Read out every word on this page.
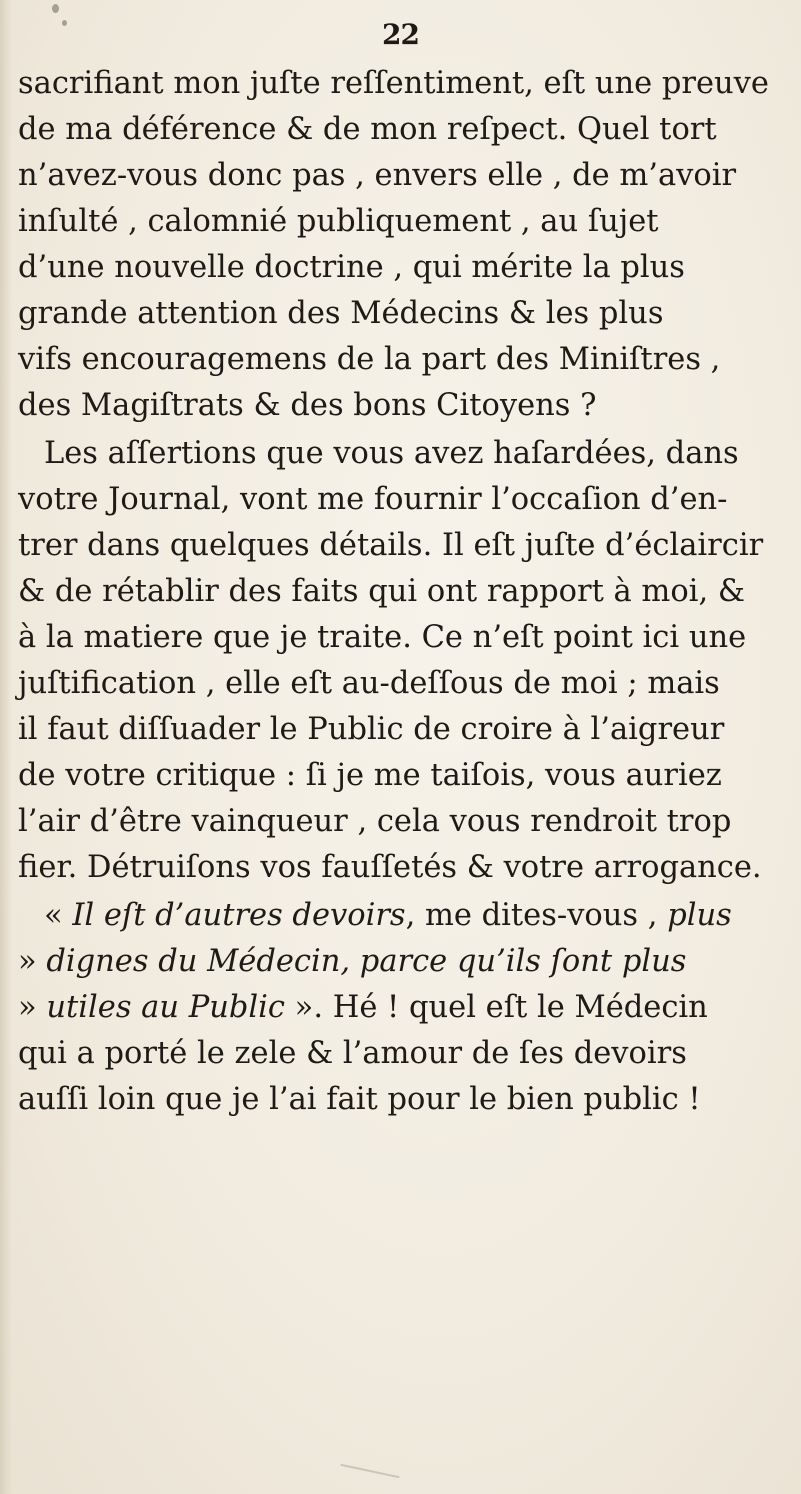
22
sacrifiant mon juſte reſſentiment, eſt une preuve
de ma déférence & de mon reſpect. Quel tort
n’avez-vous donc pas , envers elle , de m’avoir
inſulté , calomnié publiquement , au ſujet
d’une nouvelle doctrine , qui mérite la plus
grande attention des Médecins & les plus
vifs encouragemens de la part des Miniſtres ,
des Magiſtrats & des bons Citoyens ?
Les aſſertions que vous avez haſardées, dans
votre Journal, vont me fournir l’occaſion d’en-
trer dans quelques détails. Il eſt juſte d’éclaircir
& de rétablir des faits qui ont rapport à moi, &
à la matiere que je traite. Ce n’eſt point ici une
juſtification , elle eſt au-deſſous de moi ; mais
il faut diſſuader le Public de croire à l’aigreur
de votre critique : ſi je me taiſois, vous auriez
l’air d’être vainqueur , cela vous rendroit trop
fier. Détruiſons vos fauſſetés & votre arrogance.
« Il eſt d’autres devoirs, me dites-vous , plus
» dignes du Médecin, parce qu’ils ſont plus
» utiles au Public ». Hé ! quel eſt le Médecin
qui a porté le zele & l’amour de ſes devoirs
auſſi loin que je l’ai fait pour le bien public !
